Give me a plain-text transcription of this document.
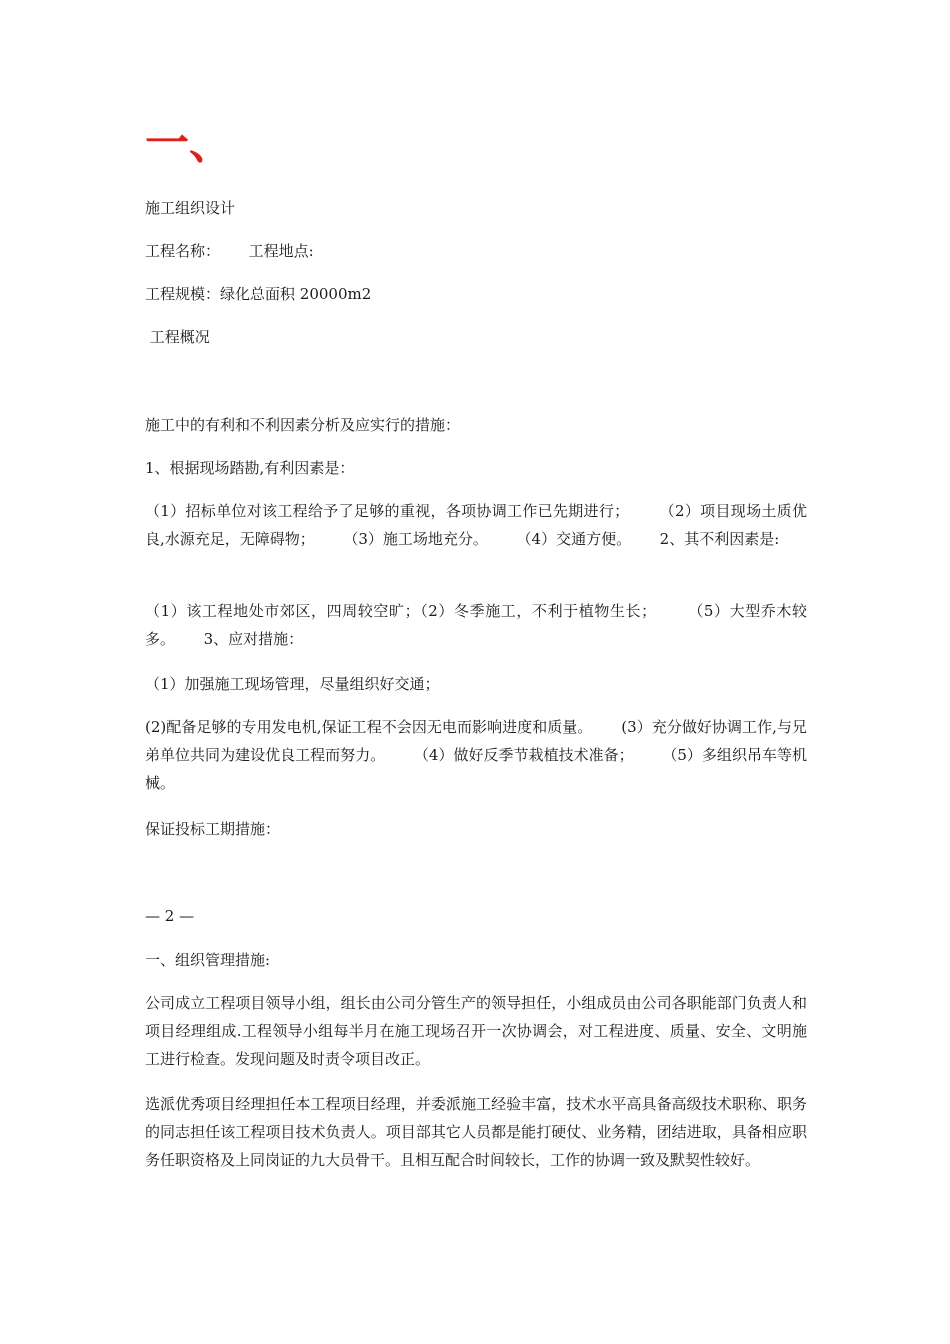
一、

施工组织设计

工程名称：      工程地点:

工程规模：绿化总面积 20000m2

工程概况

施工中的有利和不利因素分析及应实行的措施：

1、根据现场踏勘,有利因素是：

（1）招标单位对该工程给予了足够的重视，各项协调工作已先期进行；      （2）项目现场土质优良,水源充足，无障碍物；      （3）施工场地充分。      （4）交通方便。      2、其不利因素是:

（1）该工程地处市郊区，四周较空旷；（2）冬季施工，不利于植物生长；      （5）大型乔木较多。      3、应对措施：

（1）加强施工现场管理，尽量组织好交通；

(2)配备足够的专用发电机,保证工程不会因无电而影响进度和质量。      (3）充分做好协调工作,与兄弟单位共同为建设优良工程而努力。      （4）做好反季节栽植技术准备；      （5）多组织吊车等机械。

保证投标工期措施：

— 2 —

一、组织管理措施:

公司成立工程项目领导小组，组长由公司分管生产的领导担任，小组成员由公司各职能部门负责人和项目经理组成.工程领导小组每半月在施工现场召开一次协调会，对工程进度、质量、安全、文明施工进行检查。发现问题及时责令项目改正。

选派优秀项目经理担任本工程项目经理，并委派施工经验丰富，技术水平高具备高级技术职称、职务的同志担任该工程项目技术负责人。项目部其它人员都是能打硬仗、业务精，团结进取，具备相应职务任职资格及上同岗证的九大员骨干。且相互配合时间较长，工作的协调一致及默契性较好。
